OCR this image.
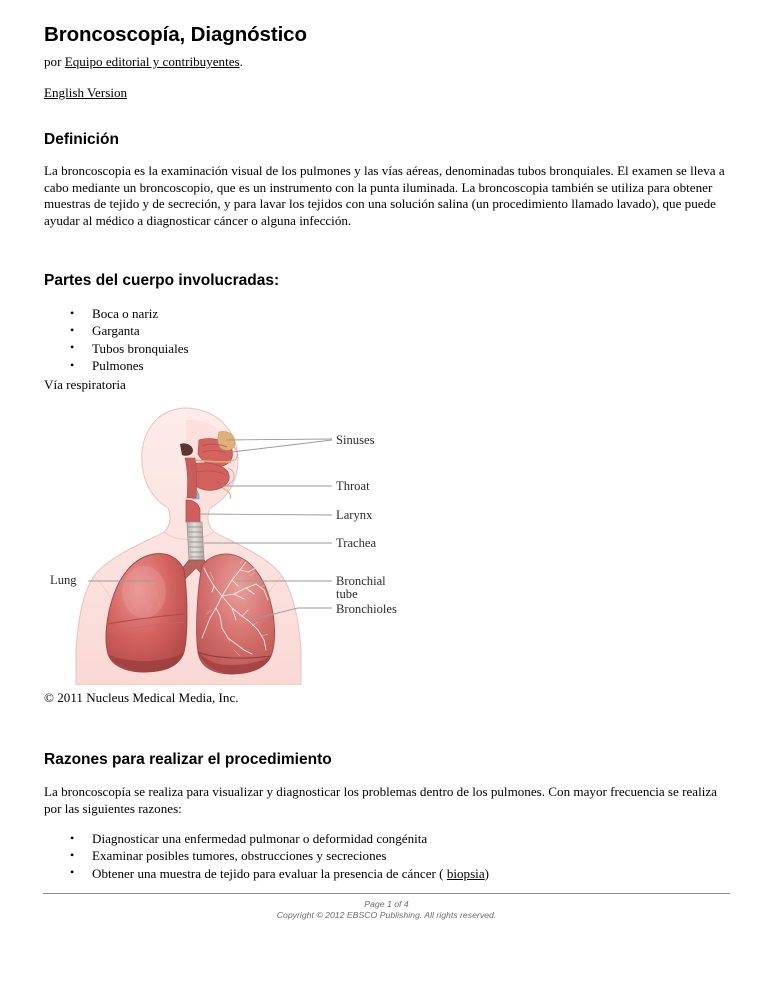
Broncoscopía, Diagnóstico

por Equipo editorial y contribuyentes.

English Version

Definición

La broncoscopia es la examinación visual de los pulmones y las vías aéreas, denominadas tubos bronquiales. El examen se lleva a cabo mediante un broncoscopio, que es un instrumento con la punta iluminada. La broncoscopia también se utiliza para obtener muestras de tejido y de secreción, y para lavar los tejidos con una solución salina (un procedimiento llamado lavado), que puede ayudar al médico a diagnosticar cáncer o alguna infección.

Partes del cuerpo involucradas:
• Boca o nariz
• Garganta
• Tubos bronquiales
• Pulmones

Vía respiratoria

Lung
Sinuses
Throat
Larynx
Trachea
Bronchial
tube
Bronchioles

© 2011 Nucleus Medical Media, Inc.

Razones para realizar el procedimiento

La broncoscopía se realiza para visualizar y diagnosticar los problemas dentro de los pulmones. Con mayor frecuencia se realiza por las siguientes razones:

• Diagnosticar una enfermedad pulmonar o deformidad congénita
• Examinar posibles tumores, obstrucciones y secreciones
• Obtener una muestra de tejido para evaluar la presencia de cáncer ( biopsia)
Page 1 of 4
Copyright © 2012 EBSCO Publishing. All rights reserved.
